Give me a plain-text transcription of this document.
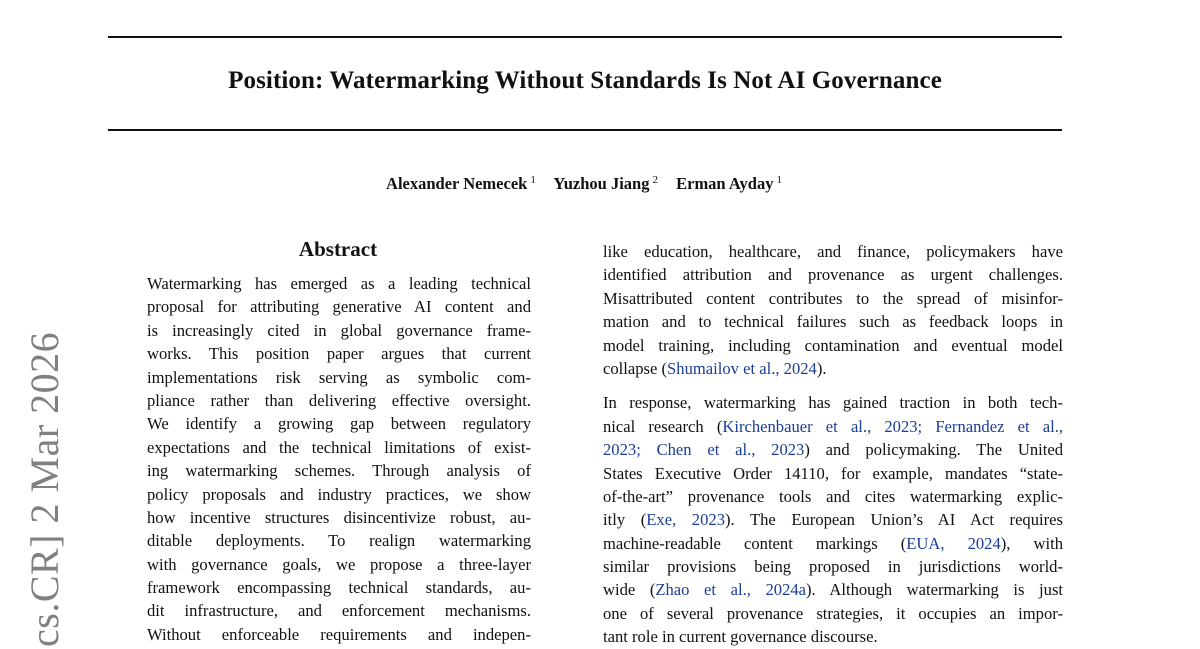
Position: Watermarking Without Standards Is Not AI Governance
Alexander Nemecek $^1$ Yuzhou Jiang $^2$ Erman Ayday $^1$
cs.CR] 2 Mar 2026
Abstract
Watermarking has emerged as a leading technical
proposal for attributing generative AI content and
is increasingly cited in global governance frame-
works. This position paper argues that current
implementations risk serving as symbolic com-
pliance rather than delivering effective oversight.
We identify a growing gap between regulatory
expectations and the technical limitations of exist-
ing watermarking schemes. Through analysis of
policy proposals and industry practices, we show
how incentive structures disincentivize robust, au-
ditable deployments. To realign watermarking
with governance goals, we propose a three-layer
framework encompassing technical standards, au-
dit infrastructure, and enforcement mechanisms.
Without enforceable requirements and indepen-
like education, healthcare, and finance, policymakers have
identified attribution and provenance as urgent challenges.
Misattributed content contributes to the spread of misinfor-
mation and to technical failures such as feedback loops in
model training, including contamination and eventual model
collapse (Shumailov et al., 2024).
In response, watermarking has gained traction in both tech-
nical research (Kirchenbauer et al., 2023; Fernandez et al.,
2023; Chen et al., 2023) and policymaking. The United
States Executive Order 14110, for example, mandates “state-
of-the-art” provenance tools and cites watermarking explic-
itly (Exe, 2023). The European Union’s AI Act requires
machine-readable content markings (EUA, 2024), with
similar provisions being proposed in jurisdictions world-
wide (Zhao et al., 2024a). Although watermarking is just
one of several provenance strategies, it occupies an impor-
tant role in current governance discourse.
